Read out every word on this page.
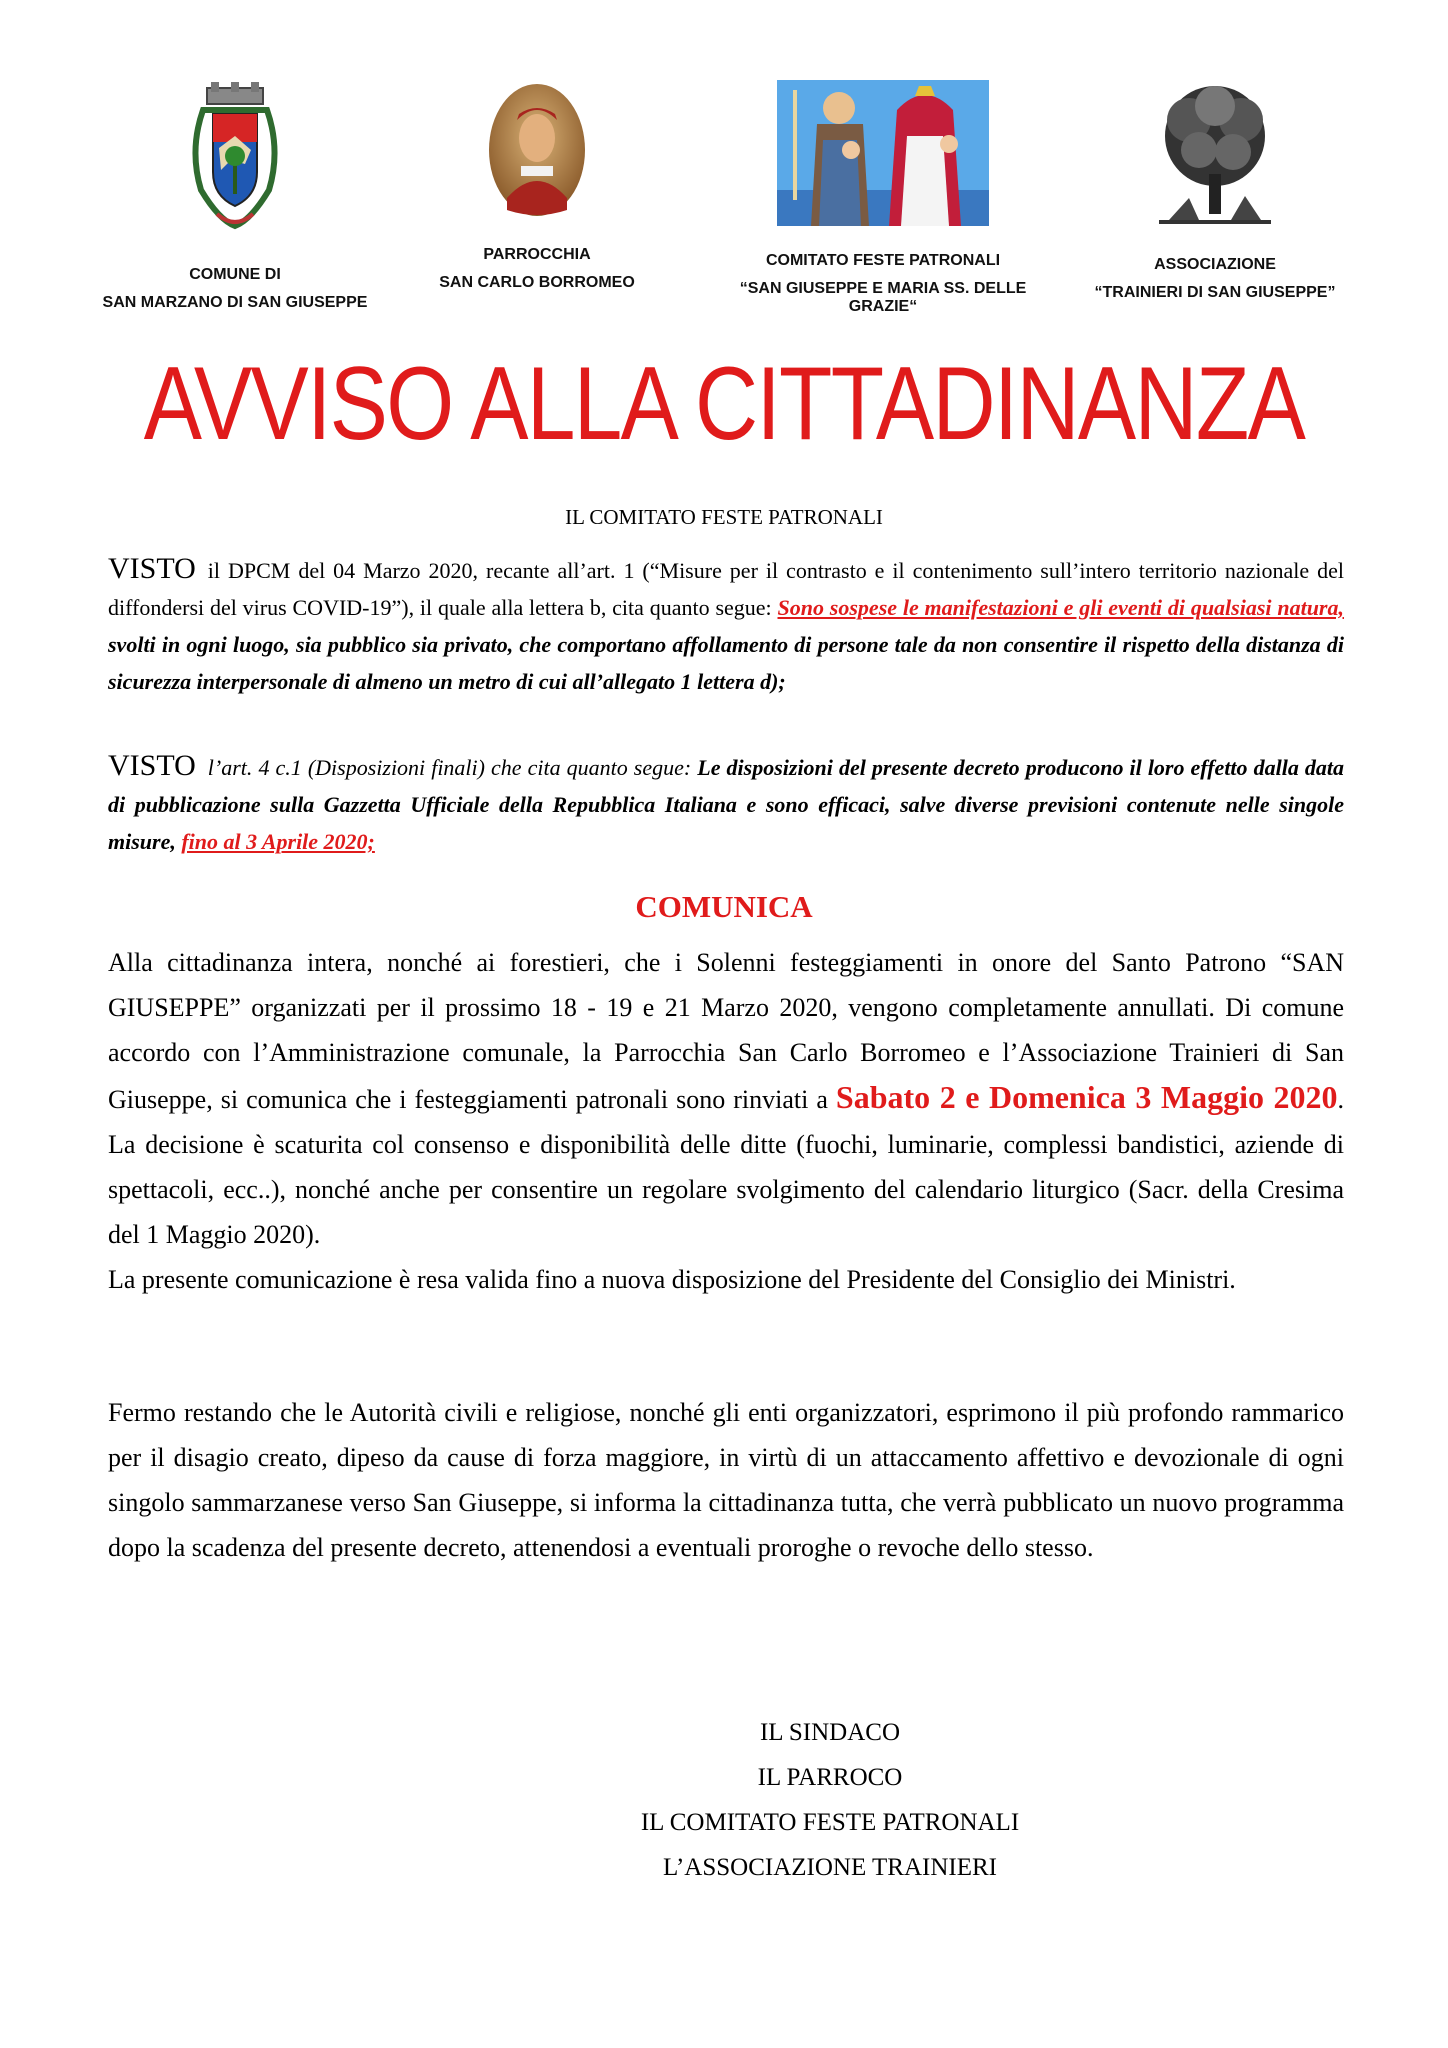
COMUNE DI
SAN MARZANO DI SAN GIUSEPPE
PARROCCHIA
SAN CARLO BORROMEO
COMITATO FESTE PATRONALI
“SAN GIUSEPPE E MARIA SS. DELLE GRAZIE“
ASSOCIAZIONE
“TRAINIERI DI SAN GIUSEPPE”
AVVISO ALLA CITTADINANZA
IL COMITATO FESTE PATRONALI
VISTO il DPCM del 04 Marzo 2020, recante all’art. 1 (“Misure per il contrasto e il contenimento sull’intero territorio nazionale del diffondersi del virus COVID-19”), il quale alla lettera b, cita quanto segue: Sono sospese le manifestazioni e gli eventi di qualsiasi natura, svolti in ogni luogo, sia pubblico sia privato, che comportano affollamento di persone tale da non consentire il rispetto della distanza di sicurezza interpersonale di almeno un metro di cui all’allegato 1 lettera d);
VISTO l’art. 4 c.1 (Disposizioni finali) che cita quanto segue: Le disposizioni del presente decreto producono il loro effetto dalla data di pubblicazione sulla Gazzetta Ufficiale della Repubblica Italiana e sono efficaci, salve diverse previsioni contenute nelle singole misure, fino al 3 Aprile 2020;
COMUNICA
Alla cittadinanza intera, nonché ai forestieri, che i Solenni festeggiamenti in onore del Santo Patrono “SAN GIUSEPPE” organizzati per il prossimo 18 - 19 e 21 Marzo 2020, vengono completamente annullati. Di comune accordo con l’Amministrazione comunale, la Parrocchia San Carlo Borromeo e l’Associazione Trainieri di San Giuseppe, si comunica che i festeggiamenti patronali sono rinviati a Sabato 2 e Domenica 3 Maggio 2020. La decisione è scaturita col consenso e disponibilità delle ditte (fuochi, luminarie, complessi bandistici, aziende di spettacoli, ecc..), nonché anche per consentire un regolare svolgimento del calendario liturgico (Sacr. della Cresima del 1 Maggio 2020).
La presente comunicazione è resa valida fino a nuova disposizione del Presidente del Consiglio dei Ministri.
Fermo restando che le Autorità civili e religiose, nonché gli enti organizzatori, esprimono il più profondo rammarico per il disagio creato, dipeso da cause di forza maggiore, in virtù di un attaccamento affettivo e devozionale di ogni singolo sammarzanese verso San Giuseppe, si informa la cittadinanza tutta, che verrà pubblicato un nuovo programma dopo la scadenza del presente decreto, attenendosi a eventuali proroghe o revoche dello stesso.
IL SINDACO
IL PARROCO
IL COMITATO FESTE PATRONALI
L’ASSOCIAZIONE TRAINIERI
